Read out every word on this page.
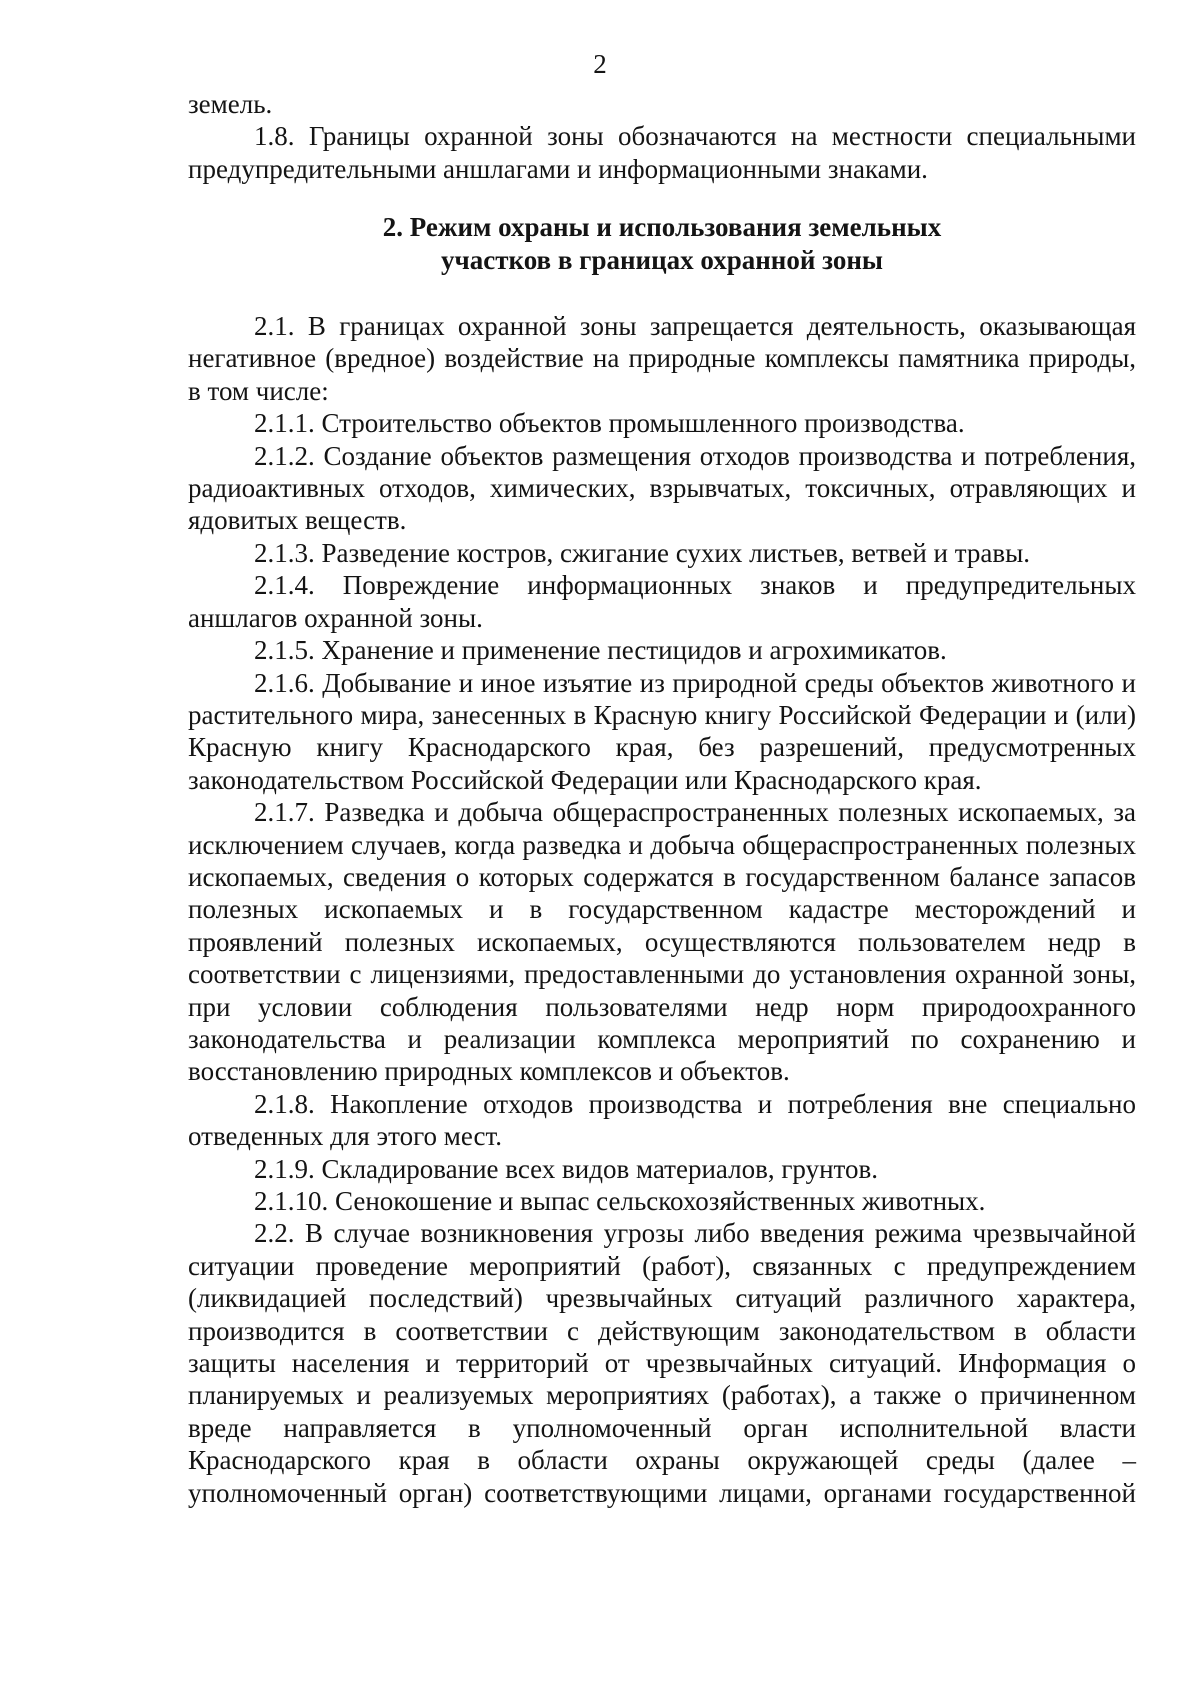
2

земель.

1.8. Границы охранной зоны обозначаются на местности специальными предупредительными аншлагами и информационными знаками.

2. Режим охраны и использования земельных
участков в границах охранной зоны

2.1. В границах охранной зоны запрещается деятельность, оказывающая негативное (вредное) воздействие на природные комплексы памятника природы, в том числе:

2.1.1. Строительство объектов промышленного производства.

2.1.2. Создание объектов размещения отходов производства и потребления, радиоактивных отходов, химических, взрывчатых, токсичных, отравляющих и ядовитых веществ.

2.1.3. Разведение костров, сжигание сухих листьев, ветвей и травы.

2.1.4. Повреждение информационных знаков и предупредительных аншлагов охранной зоны.

2.1.5. Хранение и применение пестицидов и агрохимикатов.

2.1.6. Добывание и иное изъятие из природной среды объектов животного и растительного мира, занесенных в Красную книгу Российской Федерации и (или) Красную книгу Краснодарского края, без разрешений, предусмотренных законодательством Российской Федерации или Краснодарского края.

2.1.7. Разведка и добыча общераспространенных полезных ископаемых, за исключением случаев, когда разведка и добыча общераспространенных полезных ископаемых, сведения о которых содержатся в государственном балансе запасов полезных ископаемых и в государственном кадастре месторождений и проявлений полезных ископаемых, осуществляются пользователем недр в соответствии с лицензиями, предоставленными до установления охранной зоны, при условии соблюдения пользователями недр норм природоохранного законодательства и реализации комплекса мероприятий по сохранению и восстановлению природных комплексов и объектов.

2.1.8. Накопление отходов производства и потребления вне специально отведенных для этого мест.

2.1.9. Складирование всех видов материалов, грунтов.

2.1.10. Сенокошение и выпас сельскохозяйственных животных.

2.2. В случае возникновения угрозы либо введения режима чрезвычайной ситуации проведение мероприятий (работ), связанных с предупреждением (ликвидацией последствий) чрезвычайных ситуаций различного характера, производится в соответствии с действующим законодательством в области защиты населения и территорий от чрезвычайных ситуаций. Информация о планируемых и реализуемых мероприятиях (работах), а также о причиненном вреде направляется в уполномоченный орган исполнительной власти Краснодарского края в области охраны окружающей среды (далее – уполномоченный орган) соответствующими лицами, органами государственной
